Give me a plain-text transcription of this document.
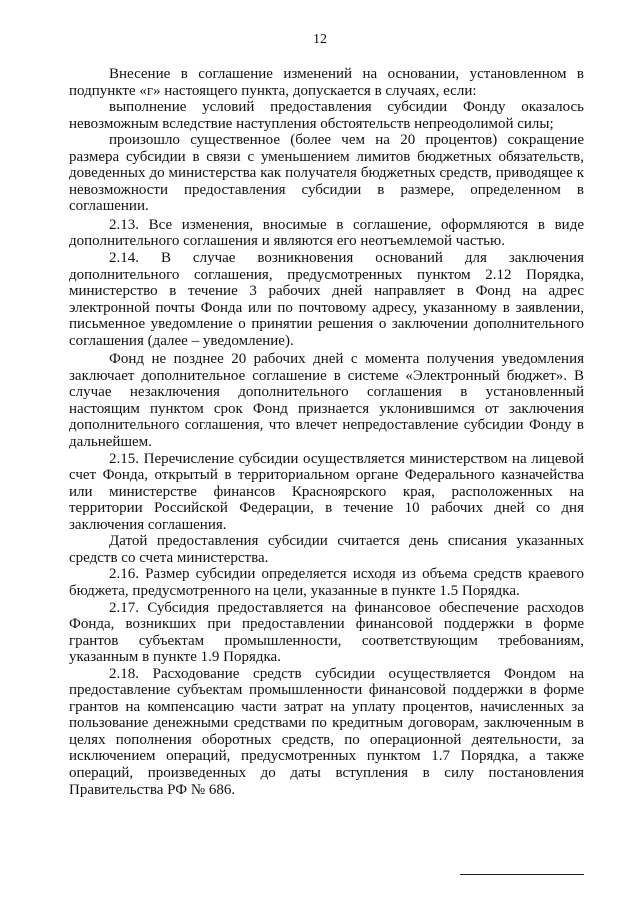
12

Внесение в соглашение изменений на основании, установленном в подпункте «г» настоящего пункта, допускается в случаях, если:

выполнение условий предоставления субсидии Фонду оказалось невозможным вследствие наступления обстоятельств непреодолимой силы;

произошло существенное (более чем на 20 процентов) сокращение размера субсидии в связи с уменьшением лимитов бюджетных обязательств, доведенных до министерства как получателя бюджетных средств, приводящее к невозможности предоставления субсидии в размере, определенном в соглашении.

2.13. Все изменения, вносимые в соглашение, оформляются в виде дополнительного соглашения и являются его неотъемлемой частью.

2.14. В случае возникновения оснований для заключения дополнительного соглашения, предусмотренных пунктом 2.12 Порядка, министерство в течение 3 рабочих дней направляет в Фонд на адрес электронной почты Фонда или по почтовому адресу, указанному в заявлении, письменное уведомление о принятии решения о заключении дополнительного соглашения (далее – уведомление).

Фонд не позднее 20 рабочих дней с момента получения уведомления заключает дополнительное соглашение в системе «Электронный бюджет». В случае незаключения дополнительного соглашения в установленный настоящим пунктом срок Фонд признается уклонившимся от заключения дополнительного соглашения, что влечет непредоставление субсидии Фонду в дальнейшем.

2.15. Перечисление субсидии осуществляется министерством на лицевой счет Фонда, открытый в территориальном органе Федерального казначейства или министерстве финансов Красноярского края, расположенных на территории Российской Федерации, в течение 10 рабочих дней со дня заключения соглашения.

Датой предоставления субсидии считается день списания указанных средств со счета министерства.

2.16. Размер субсидии определяется исходя из объема средств краевого бюджета, предусмотренного на цели, указанные в пункте 1.5 Порядка.

2.17. Субсидия предоставляется на финансовое обеспечение расходов Фонда, возникших при предоставлении финансовой поддержки в форме грантов субъектам промышленности, соответствующим требованиям, указанным в пункте 1.9 Порядка.

2.18. Расходование средств субсидии осуществляется Фондом на предоставление субъектам промышленности финансовой поддержки в форме грантов на компенсацию части затрат на уплату процентов, начисленных за пользование денежными средствами по кредитным договорам, заключенным в целях пополнения оборотных средств, по операционной деятельности, за исключением операций, предусмотренных пунктом 1.7 Порядка, а также операций, произведенных до даты вступления в силу постановления Правительства РФ № 686.
